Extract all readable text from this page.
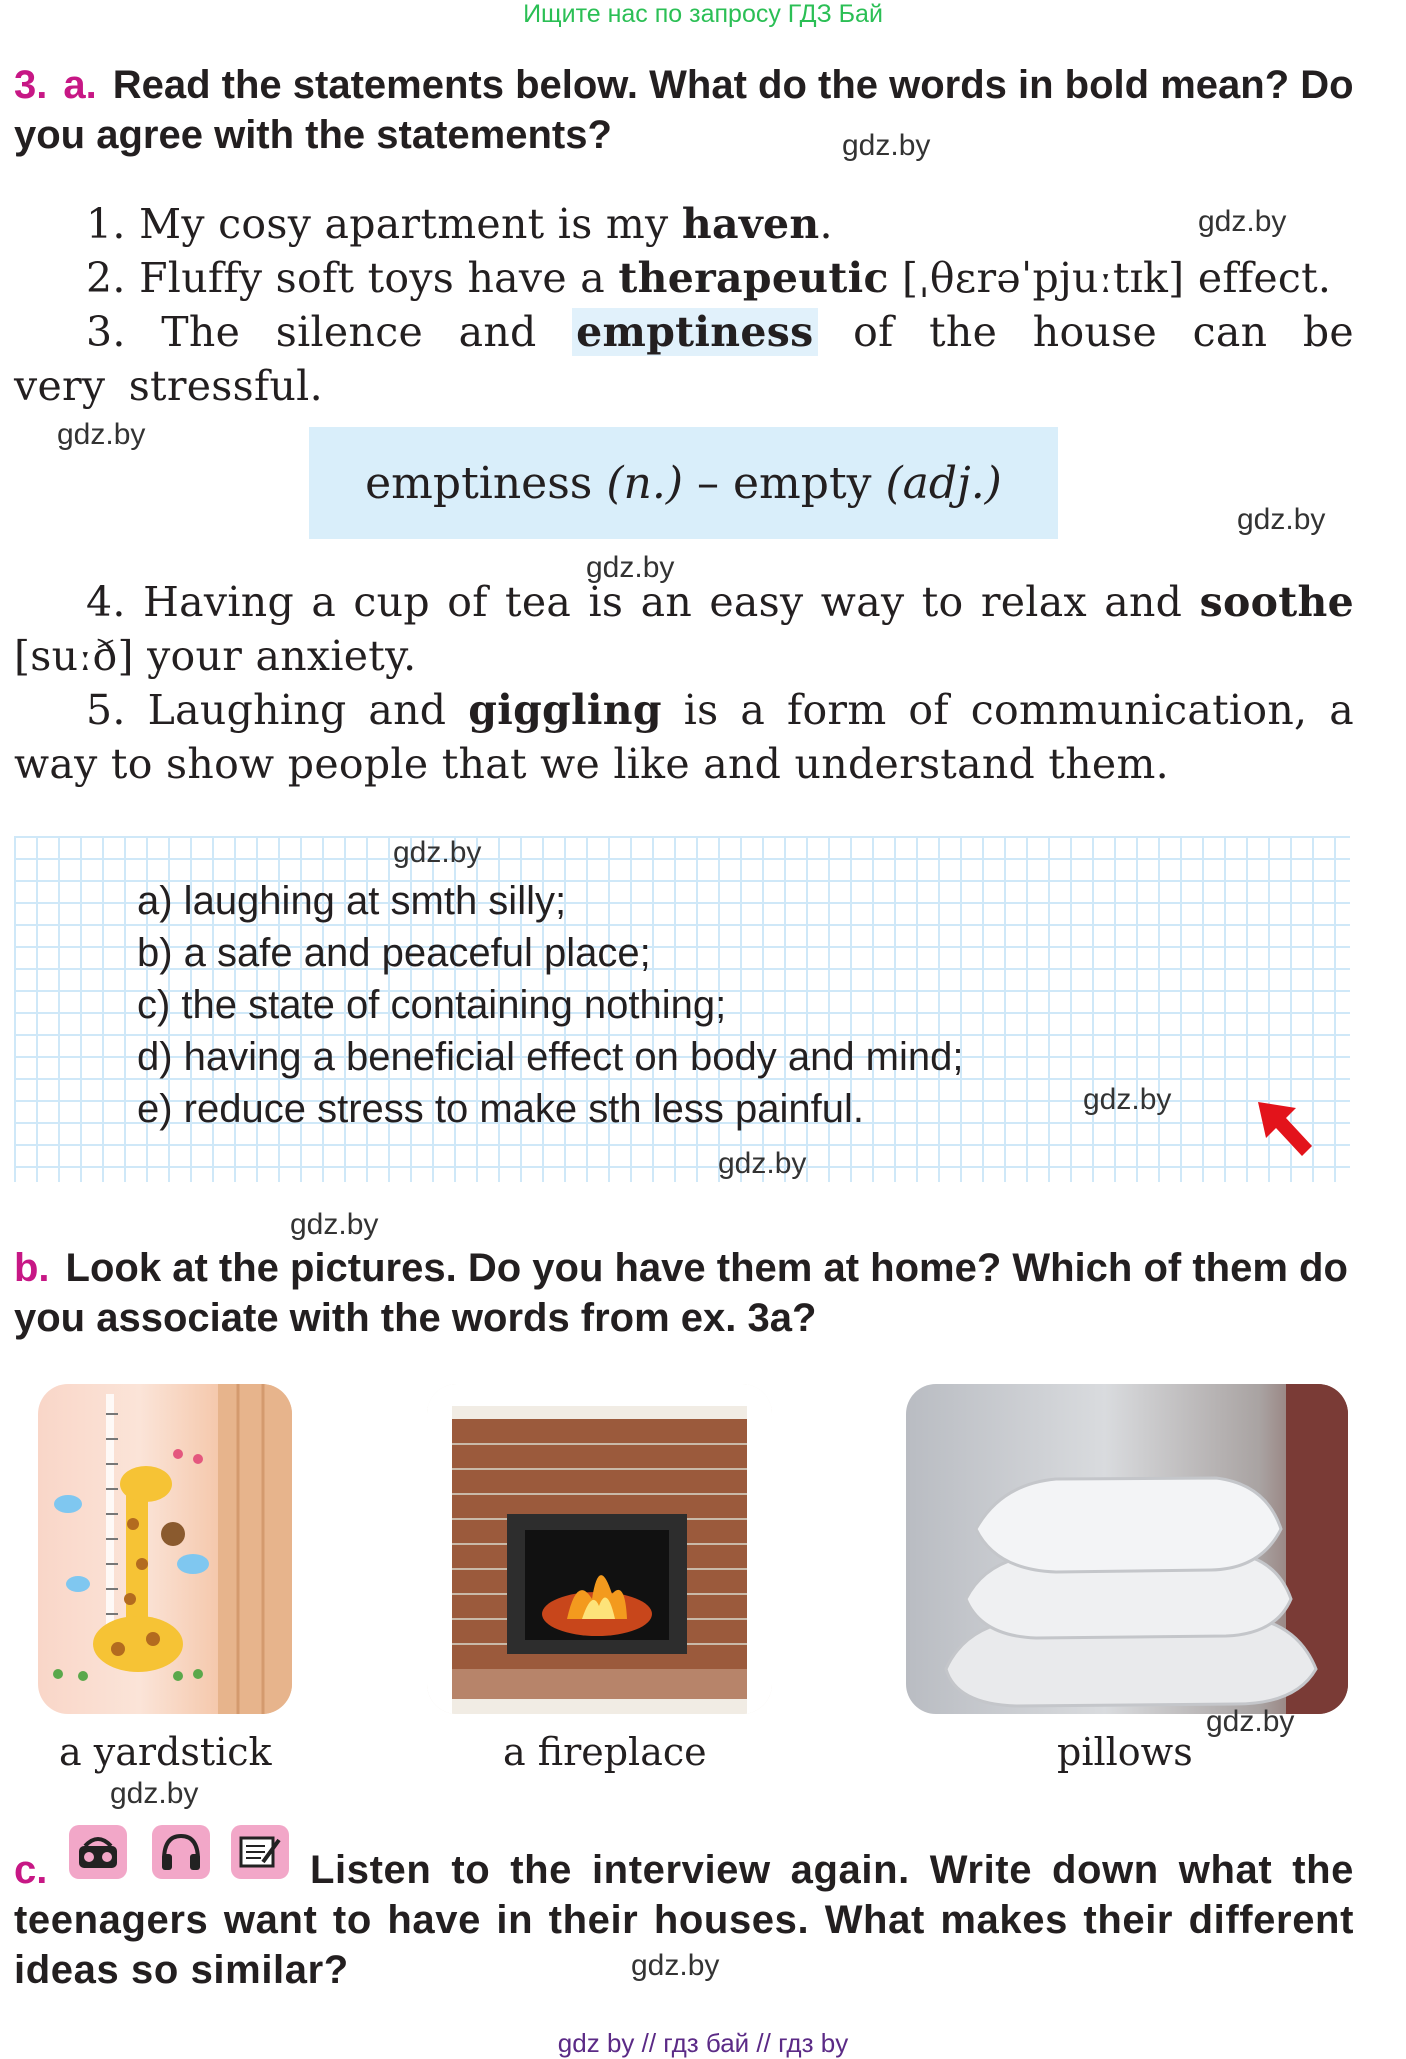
Ищите нас по запросу ГДЗ Бай
3. a. Read the statements below. What do the words in bold mean? Do you agree with the statements?
1. My cosy apartment is my haven.
2. Fluffy soft toys have a therapeutic [ˌθɛrəˈpjuːtɪk] effect.
3. The silence and emptiness of the house can be very stressful.
emptiness
(n.)
–
empty
(adj.)
4. Having a cup of tea is an easy way to relax and soothe [suːð] your anxiety.
5. Laughing and giggling is a form of communication, a way to show people that we like and understand them.
a) laughing at smth silly;
b) a safe and peaceful place;
c) the state of containing nothing;
d) having a beneficial effect on body and mind;
e) reduce stress to make sth less painful.
b. Look at the pictures. Do you have them at home? Which of them do you associate with the words from ex. 3a?
a yardstick	a fireplace	pillows
c.	Listen to the interview again. Write down what the teenagers want to have in their houses. What makes their different ideas so similar?
gdz.by
gdz.by
gdz.by
gdz.by
gdz.by
gdz.by
gdz.by
gdz.by
gdz.by
gdz.by
gdz.by
gdz.by
gdz by // гдз бай // гдз by
